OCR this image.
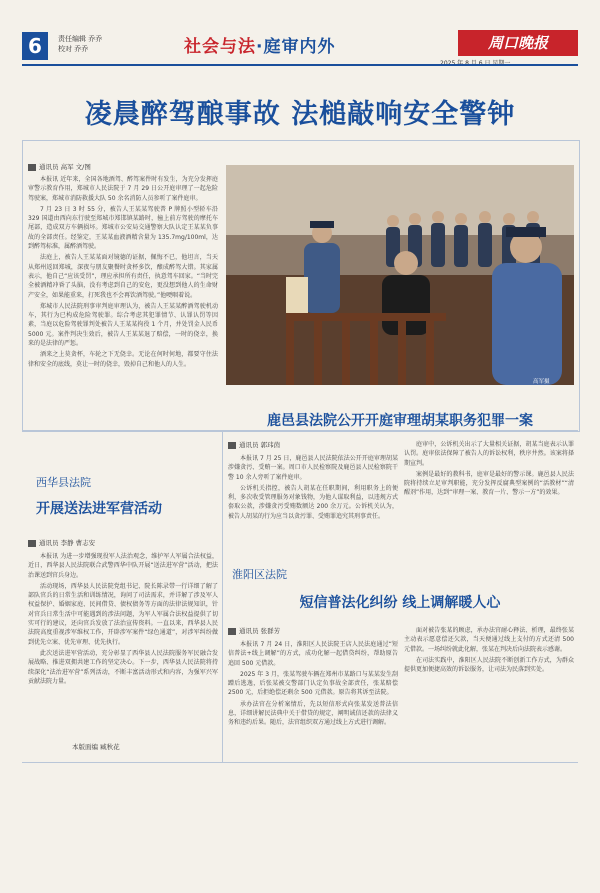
6	责任编辑 乔乔
校对 乔乔	社会与法·庭审内外	周口晚报
凌晨醉驾酿事故 法槌敲响安全警钟
通讯员 高军 文/图

本报讯 近年来，全国各地酒驾、醉驾案件时有发生，为充分发挥庭审警示教育作用，郑城市人民法院于 7 月 29 日公开庭审理了一起危险驾驶案，郑城市消防救援大队 50 余名消防人员参听了案件庭审。

7 月 23 日 3 时 55 分，被告人王某某驾驶普 P 牌照小型轿车沿 329 国道由西向东行驶至郑城市郑邯镇某路时，撞上前方驾驶的摩托车尾部，造成双方车辆损坏。郑城市公安局交通警察大队认定王某某负事故的全部责任。经鉴定，王某某血液酒精含量为 135.7mg/100ml，达到醉驾标准，属醉酒驾驶。

法庭上，被告人王某某面对镜德的证据，佩悔不已，他坦言，当天从郑州返回郑城，深夜与朋友聚餐时贪杯多饮，酿成醉驾大错。其家属表示，他自己“应该受罚”，理应承担所有责任，执意驾车回家。“当时完全被酒精冲昏了头脑，没有考虑到自己的安危，更没想到他人的生命财产安全，如果能重来，打死我也不会再饮酒驾驶。”他哽咽着说。

郑城市人民法院刑事审判庭审理认为，被告人王某某醉酒驾驶机动车，其行为已构成危险驾驶罪。综合考虑其犯罪情节、认罪认罚等因素，当庭以危险驾驶罪判处被告人王某某拘役 1 个月，并处罚金人民币 5000 元。案件判决生效后，被告人王某某退了赔偿，一时的侥幸，换来的是法律的严惩。

酒来之上莫贪杯，车轮之下无侥幸。无论在何时何地，都要守住法律和安全的底线，莫让一时的侥幸，毁掉自己和他人的人生。

高军摄
鹿邑县法院公开开庭审理胡某职务犯罪一案
西华县法院
开展送法进军营活动
通讯员 李静 曹志安

本报讯 为进一步增强现役军人法治观念，维护军人军属合法权益，近日，西华县人民法院联合武警西华中队开展“送法进军营”活动，把法治课送到官兵身边。

活动现场，西华县人民法院党组书记、院长陈录带一行详细了解了部队官兵的日常生活和训练情况，询问了司法需求，并详解了涉及军人权益保护、婚姻家庭、民间借贷、债权债务等方面的法律法规知识，针对官兵日常生活中可能遇到的涉法问题，为军人军属合法权益提供了切实可行的建议，还向官兵发放了法治宣传资料。一直以来，西华县人民法院高度重视涉军维权工作，开辟涉军案件“绿色通道”，对涉军纠纷做到优先立案、优先审理、优先执行。

此次送法进军营活动，充分彰显了西华县人民法院服务军民融合发展战略、推进双拥共建工作的坚定决心。下一步，西华县人民法院将持续深化“法治进军营”系列活动，不断丰富活动形式和内容，为强军兴军贡献法院力量。

本版面编 臧秋花
通讯员 郭玮茵

本报讯 7 月 25 日，鹿邑县人民法院依法公开开庭审理胡某涉嫌贪污、受贿一案。周口市人民检察院及鹿邑县人民检察院干警 10 余人旁听了案件庭审。

公诉机关指控，被告人胡某在任职期间，利用职务上的便利，多次收受管理服务对象钱物，为他人谋取利益，以违规方式套取公款，涉嫌贪污受贿数额达 200 余万元。公诉机关认为，被告人胡某的行为应当以贪污罪、受贿罪追究其刑事责任。

庭审中，公诉机关出示了大量相关证据，胡某当庭表示认罪认罚。庭审依法保障了被告人的诉讼权利，秩序井然。该案将择期宣判。

案例是最好的教科书，庭审是最好的警示课。鹿邑县人民法院将持续立足审判职能，充分发挥反腐典型案例的“活教材”“清醒剂”作用，达到“审理一案、教育一片、警示一方”的效果。

淮阳区法院
短信普法化纠纷 线上调解暖人心
通讯员 张群芳

本报讯 7 月 24 日，淮阳区人民法院王店人民法庭通过“短信普法+线上调解”的方式，成功化解一起借贷纠纷，帮助原告追回 500 元借款。

2025 年 3 月，张某驾驶车辆在郑州市某路口与某某发生刮蹭后逃逸，后张某被交警部门认定负事故全部责任，张某赔偿 2500 元，后拒绝偿还剩余 500 元借款。原告将其诉至法院。

承办法官在分析案情后，先以短信形式向张某发送普法信息，详细讲解民法典中关于借贷的规定，阐明诚信还款的法律义务和违约后果。随后，法官组织双方通过线上方式进行调解。

面对被告张某的顾虑，承办法官耐心释法、析理，最终张某主动表示愿意偿还欠款，当天便通过线上支付的方式还清 500 元借款。一场纠纷就此化解，张某在判决后向法院表示感谢。

在司法实践中，淮阳区人民法院不断创新工作方式，为群众提供更加便捷高效的诉讼服务，让司法为民落到实处。
